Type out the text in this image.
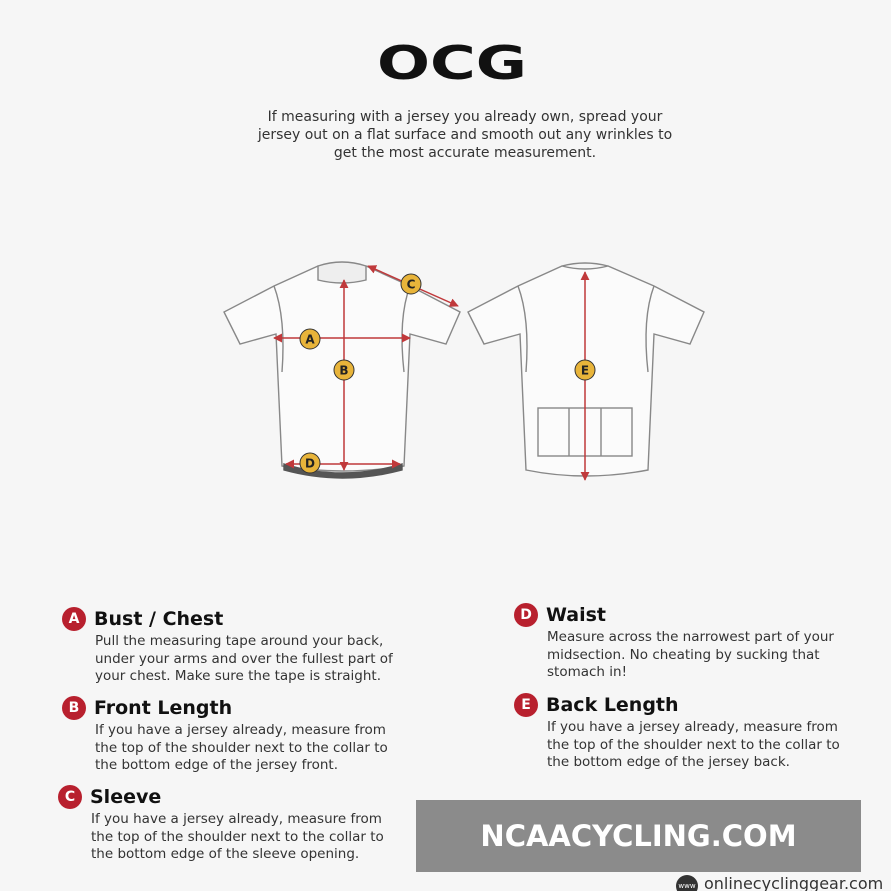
OCG
If measuring with a jersey you already own, spread your
jersey out on a flat surface and smooth out any wrinkles to
get the most accurate measurement.
A
B
C
D
E
A Bust / Chest
Pull the measuring tape around your back,
under your arms and over the fullest part of
your chest. Make sure the tape is straight.
B Front Length
If you have a jersey already, measure from
the top of the shoulder next to the collar to
the bottom edge of the jersey front.
C Sleeve
If you have a jersey already, measure from
the top of the shoulder next to the collar to
the bottom edge of the sleeve opening.
D Waist
Measure across the narrowest part of your
midsection. No cheating by sucking that
stomach in!
E Back Length
If you have a jersey already, measure from
the top of the shoulder next to the collar to
the bottom edge of the jersey back.
NCAACYCLING.COM
www onlinecyclinggear.com
